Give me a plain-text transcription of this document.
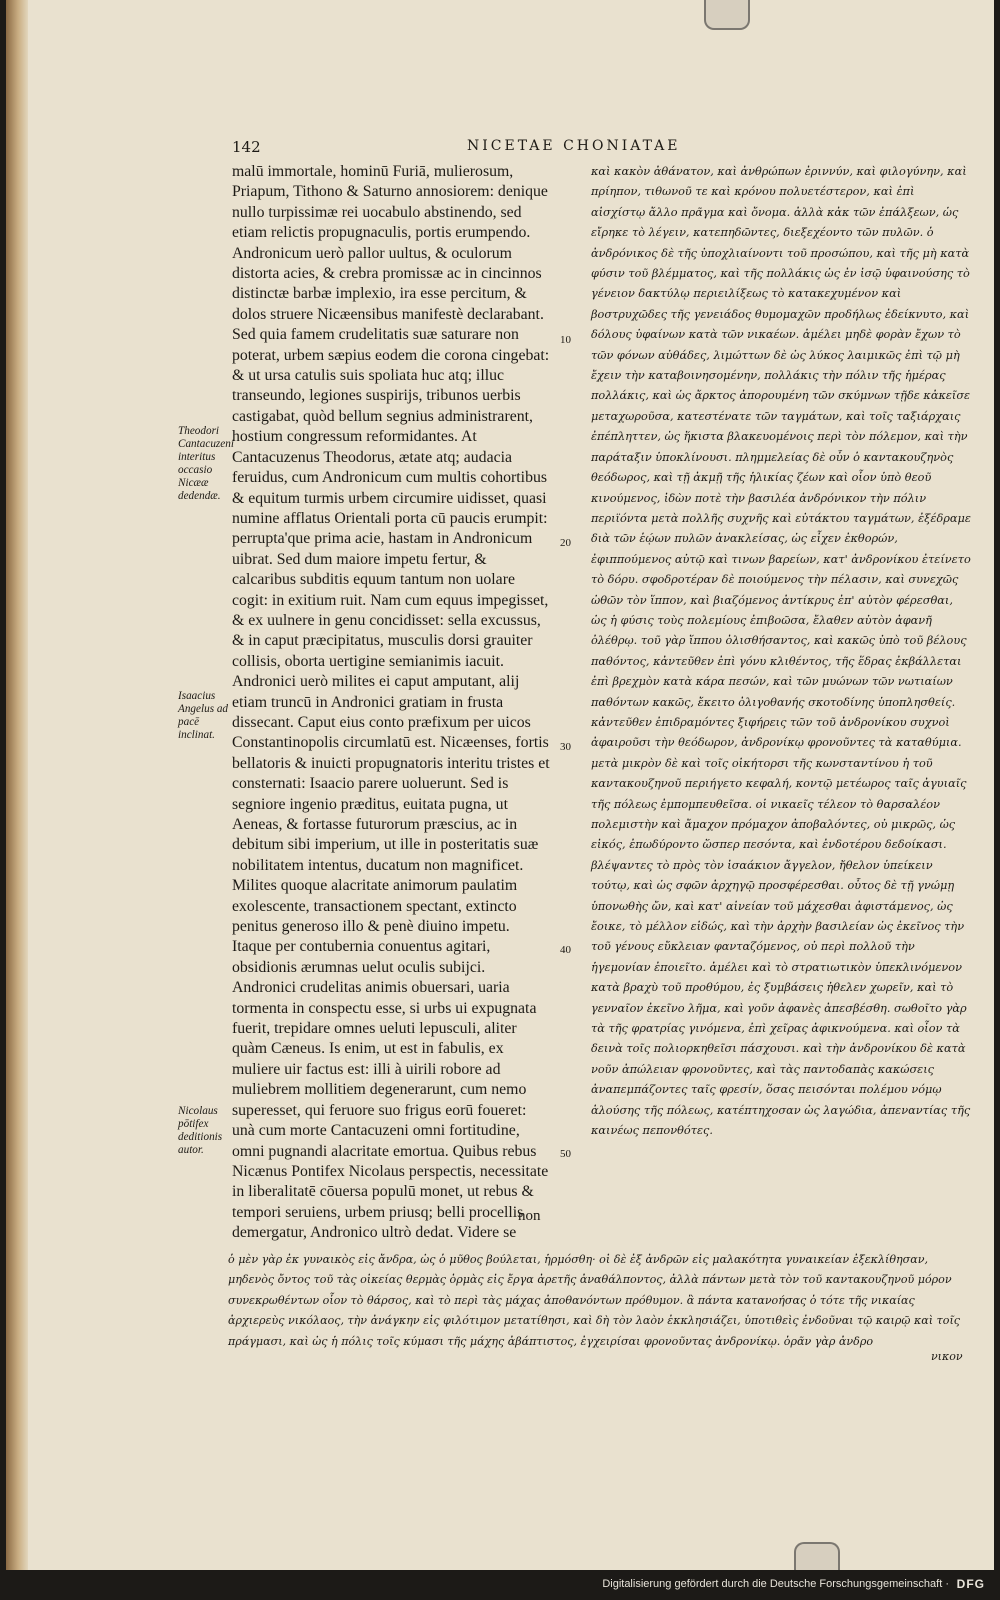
142	NICETAE CHONIATAE

malū immortale, hominū Furiā, mulierosum, Priapum, Tithono & Saturno annosiorem: denique nullo turpissimæ rei uocabulo abstinendo, sed etiam relictis propugnaculis, portis erumpendo. Andronicum uerò pallor uultus, & oculorum distorta acies, & crebra promissæ ac in cincinnos distinctæ barbæ implexio, ira esse percitum, & dolos struere Nicæensibus manifestè declarabant. Sed quia famem crudelitatis suæ saturare non poterat, urbem sæpius eodem die corona cingebat: & ut ursa catulis suis spoliata huc atq; illuc transeundo, legiones suspirijs, tribunos uerbis castigabat, quòd bellum segnius administrarent, hostium congressum reformidantes. At Cantacuzenus Theodorus, ætate atq; audacia feruidus, cum Andronicum cum multis cohortibus & equitum turmis urbem circumire uidisset, quasi numine afflatus Orientali porta cū paucis erumpit: perrupta'que prima acie, hastam in Andronicum uibrat. Sed dum maiore impetu fertur, & calcaribus subditis equum tantum non uolare cogit: in exitium ruit. Nam cum equus impegisset, & ex uulnere in genu concidisset: sella excussus, & in caput præcipitatus, musculis dorsi grauiter collisis, oborta uertigine semianimis iacuit. Andronici uerò milites ei caput amputant, alij etiam truncū in Andronici gratiam in frusta dissecant. Caput eius conto præfixum per uicos Constantinopolis circumlatū est. Nicæenses, fortis bellatoris & inuicti propugnatoris interitu tristes et consternati: Isaacio parere uoluerunt. Sed is segniore ingenio præditus, euitata pugna, ut Aeneas, & fortasse futurorum præscius, ac in debitum sibi imperium, ut ille in posteritatis suæ nobilitatem intentus, ducatum non magnificet. Milites quoque alacritate animorum paulatim exolescente, transactionem spectant, extincto penitus generoso illo & penè diuino impetu. Itaque per contubernia conuentus agitari, obsidionis ærumnas uelut oculis subijci. Andronici crudelitas animis obuersari, uaria tormenta in conspectu esse, si urbs ui expugnata fuerit, trepidare omnes ueluti lepusculi, aliter quàm Cæneus. Is enim, ut est in fabulis, ex muliere uir factus est: illi à uirili robore ad muliebrem mollitiem degenerarunt, cum nemo superesset, qui feruore suo frigus eorū foueret: unà cum morte Cantacuzeni omni fortitudine, omni pugnandi alacritate emortua. Quibus rebus Nicænus Pontifex Nicolaus perspectis, necessitate in liberalitatē cōuersa populū monet, ut rebus & tempori seruiens, urbem priusq; belli procellis demergatur, Andronico ultrò dedat. Videre se

Theodori Cantacuzeni interitus occasio Nicææ dedendæ.
Isaacius Angelus ad pacē inclinat.
Nicolaus pōtifex deditionis autor.
10
20
30
40
50

καὶ κακὸν ἀθάνατον, καὶ ἀνθρώπων ἐριννύν, καὶ φιλογύνην, καὶ πρίηπον, τιθωνοῦ τε καὶ κρόνου πολυετέστερον, καὶ ἐπὶ αἰσχίστῳ ἄλλο πρᾶγμα καὶ ὄνομα. ἀλλὰ κἀκ τῶν ἐπάλξεων, ὡς εἴρηκε τὸ λέγειν, κατεπηδῶντες, διεξεχέοντο τῶν πυλῶν. ὁ ἀνδρόνικος δὲ τῆς ὑποχλιαίνοντι τοῦ προσώπου, καὶ τῆς μὴ κατὰ φύσιν τοῦ βλέμματος, καὶ τῆς πολλάκις ὡς ἐν ἰσῷ ὑφαινούσης τὸ γένειον δακτύλῳ περιειλίξεως τὸ κατακεχυμένον καὶ βοστρυχῶδες τῆς γενειάδος θυμομαχῶν προδήλως ἐδείκνυτο, καὶ δόλους ὑφαίνων κατὰ τῶν νικαέων. ἀμέλει μηδὲ φορὰν ἔχων τὸ τῶν φόνων αὐθάδες, λιμώττων δὲ ὡς λύκος λαιμικῶς ἐπὶ τῷ μὴ ἔχειν τὴν καταβοινησομένην, πολλάκις τὴν πόλιν τῆς ἡμέρας πολλάκις, καὶ ὡς ἄρκτος ἀπορουμένη τῶν σκύμνων τῇδε κἀκεῖσε μεταχωροῦσα, κατεστένατε τῶν ταγμάτων, καὶ τοῖς ταξιάρχαις ἐπέπληττεν, ὡς ἥκιστα βλακευομένοις περὶ τὸν πόλεμον, καὶ τὴν παράταξιν ὑποκλίνουσι. πλημμελείας δὲ οὖν ὁ καντακουζηνὸς θεόδωρος, καὶ τῇ ἀκμῇ τῆς ἡλικίας ζέων καὶ οἷον ὑπὸ θεοῦ κινούμενος, ἰδὼν ποτὲ τὴν βασιλέα ἀνδρόνικον τὴν πόλιν περιϊόντα μετὰ πολλῆς συχνῆς καὶ εὐτάκτου ταγμάτων, ἐξέδραμε διὰ τῶν ἑῴων πυλῶν ἀνακλείσας, ὡς εἶχεν ἐκθορών, ἐφιππούμενος αὐτῷ καὶ τινων βαρείων, κατ' ἀνδρονίκου ἐτείνετο τὸ δόρυ. σφοδροτέραν δὲ ποιούμενος τὴν πέλασιν, καὶ συνεχῶς ὠθῶν τὸν ἵππον, καὶ βιαζόμενος ἀντίκρυς ἐπ' αὐτὸν φέρεσθαι, ὡς ἡ φύσις τοὺς πολεμίους ἐπιβοῶσα, ἔλαθεν αὑτὸν ἀφανῆ ὀλέθρῳ. τοῦ γὰρ ἵππου ὀλισθήσαντος, καὶ κακῶς ὑπὸ τοῦ βέλους παθόντος, κἀντεῦθεν ἐπὶ γόνυ κλιθέντος, τῆς ἕδρας ἐκβάλλεται ἐπὶ βρεχμὸν κατὰ κάρα πεσών, καὶ τῶν μυώνων τῶν νωτιαίων παθόντων κακῶς, ἔκειτο ὀλιγοθανής σκοτοδίνης ὑποπλησθείς. κἀντεῦθεν ἐπιδραμόντες ξιφήρεις τῶν τοῦ ἀνδρονίκου συχνοὶ ἀφαιροῦσι τὴν θεόδωρον, ἀνδρονίκῳ φρονοῦντες τὰ καταθύμια. μετὰ μικρὸν δὲ καὶ τοῖς οἰκήτορσι τῆς κωνσταντίνου ἡ τοῦ καντακουζηνοῦ περιήγετο κεφαλή, κοντῷ μετέωρος ταῖς ἀγυιαῖς τῆς πόλεως ἐμπομπευθεῖσα. οἱ νικαεῖς τέλεον τὸ θαρσαλέον πολεμιστὴν καὶ ἄμαχον πρόμαχον ἀποβαλόντες, οὐ μικρῶς, ὡς εἰκός, ἐπωδύροντο ὥσπερ πεσόντα, καὶ ἐνδοτέρου δεδοίκασι. βλέψαντες τὸ πρὸς τὸν ἰσαάκιον ἄγγελον, ἤθελον ὑπείκειν τούτῳ, καὶ ὡς σφῶν ἀρχηγῷ προσφέρεσθαι. οὗτος δὲ τῇ γνώμῃ ὑπονωθὴς ὤν, καὶ κατ' αἰνείαν τοῦ μάχεσθαι ἀφιστάμενος, ὡς ἔοικε, τὸ μέλλον εἰδώς, καὶ τὴν ἀρχὴν βασιλείαν ὡς ἐκεῖνος τὴν τοῦ γένους εὔκλειαν φανταζόμενος, οὐ περὶ πολλοῦ τὴν ἡγεμονίαν ἐποιεῖτο. ἀμέλει καὶ τὸ στρατιωτικὸν ὑπεκλινόμενον κατὰ βραχὺ τοῦ προθύμου, ἐς ξυμβάσεις ἠθελεν χωρεῖν, καὶ τὸ γενναῖον ἐκεῖνο λῆμα, καὶ γοῦν ἀφανὲς ἀπεσβέσθη. σωθοῖτο γὰρ τὰ τῆς φρατρίας γινόμενα, ἐπὶ χεῖρας ἀφικνούμενα. καὶ οἷον τὰ δεινὰ τοῖς πολιορκηθεῖσι πάσχουσι. καὶ τὴν ἀνδρονίκου δὲ κατὰ νοῦν ἀπώλειαν φρονοῦντες, καὶ τὰς παντοδαπὰς κακώσεις ἀναπεμπάζοντες ταῖς φρεσίν, ὅσας πεισόνται πολέμου νόμῳ ἁλούσης τῆς πόλεως, κατέπτηχοσαν ὡς λαγώδια, ἀπεναντίας τῆς καινέως πεπονθότες.

non
ὁ μὲν γὰρ ἐκ γυναικὸς εἰς ἄνδρα, ὡς ὁ μῦθος βούλεται, ἡρμόσθη· οἱ δὲ ἐξ ἀνδρῶν εἰς μαλακότητα γυναικείαν ἐξεκλίθησαν, μηδενὸς ὄντος τοῦ τὰς οἰκείας θερμὰς ὁρμὰς εἰς ἔργα ἀρετῆς ἀναθάλποντος, ἀλλὰ πάντων μετὰ τὸν τοῦ καντακουζηνοῦ μόρον συνεκρωθέντων οἷον τὸ θάρσος, καὶ τὸ περὶ τὰς μάχας ἀποθανόντων πρόθυμον. ἃ πάντα κατανοήσας ὁ τότε τῆς νικαίας ἀρχιερεὺς νικόλαος, τὴν ἀνάγκην εἰς φιλότιμον μετατίθησι, καὶ δὴ τὸν λαὸν ἐκκλησιάζει, ὑποτιθεὶς ἐνδοῦναι τῷ καιρῷ καὶ τοῖς πράγμασι, καὶ ὡς ἡ πόλις τοῖς κύμασι τῆς μάχης ἀβάπτιστος, ἐγχειρίσαι φρονοῦντας ἀνδρονίκῳ. ὁρᾶν γὰρ ἀνδρο
νικον
Digitalisierung gefördert durch die Deutsche Forschungsgemeinschaft · DFG
